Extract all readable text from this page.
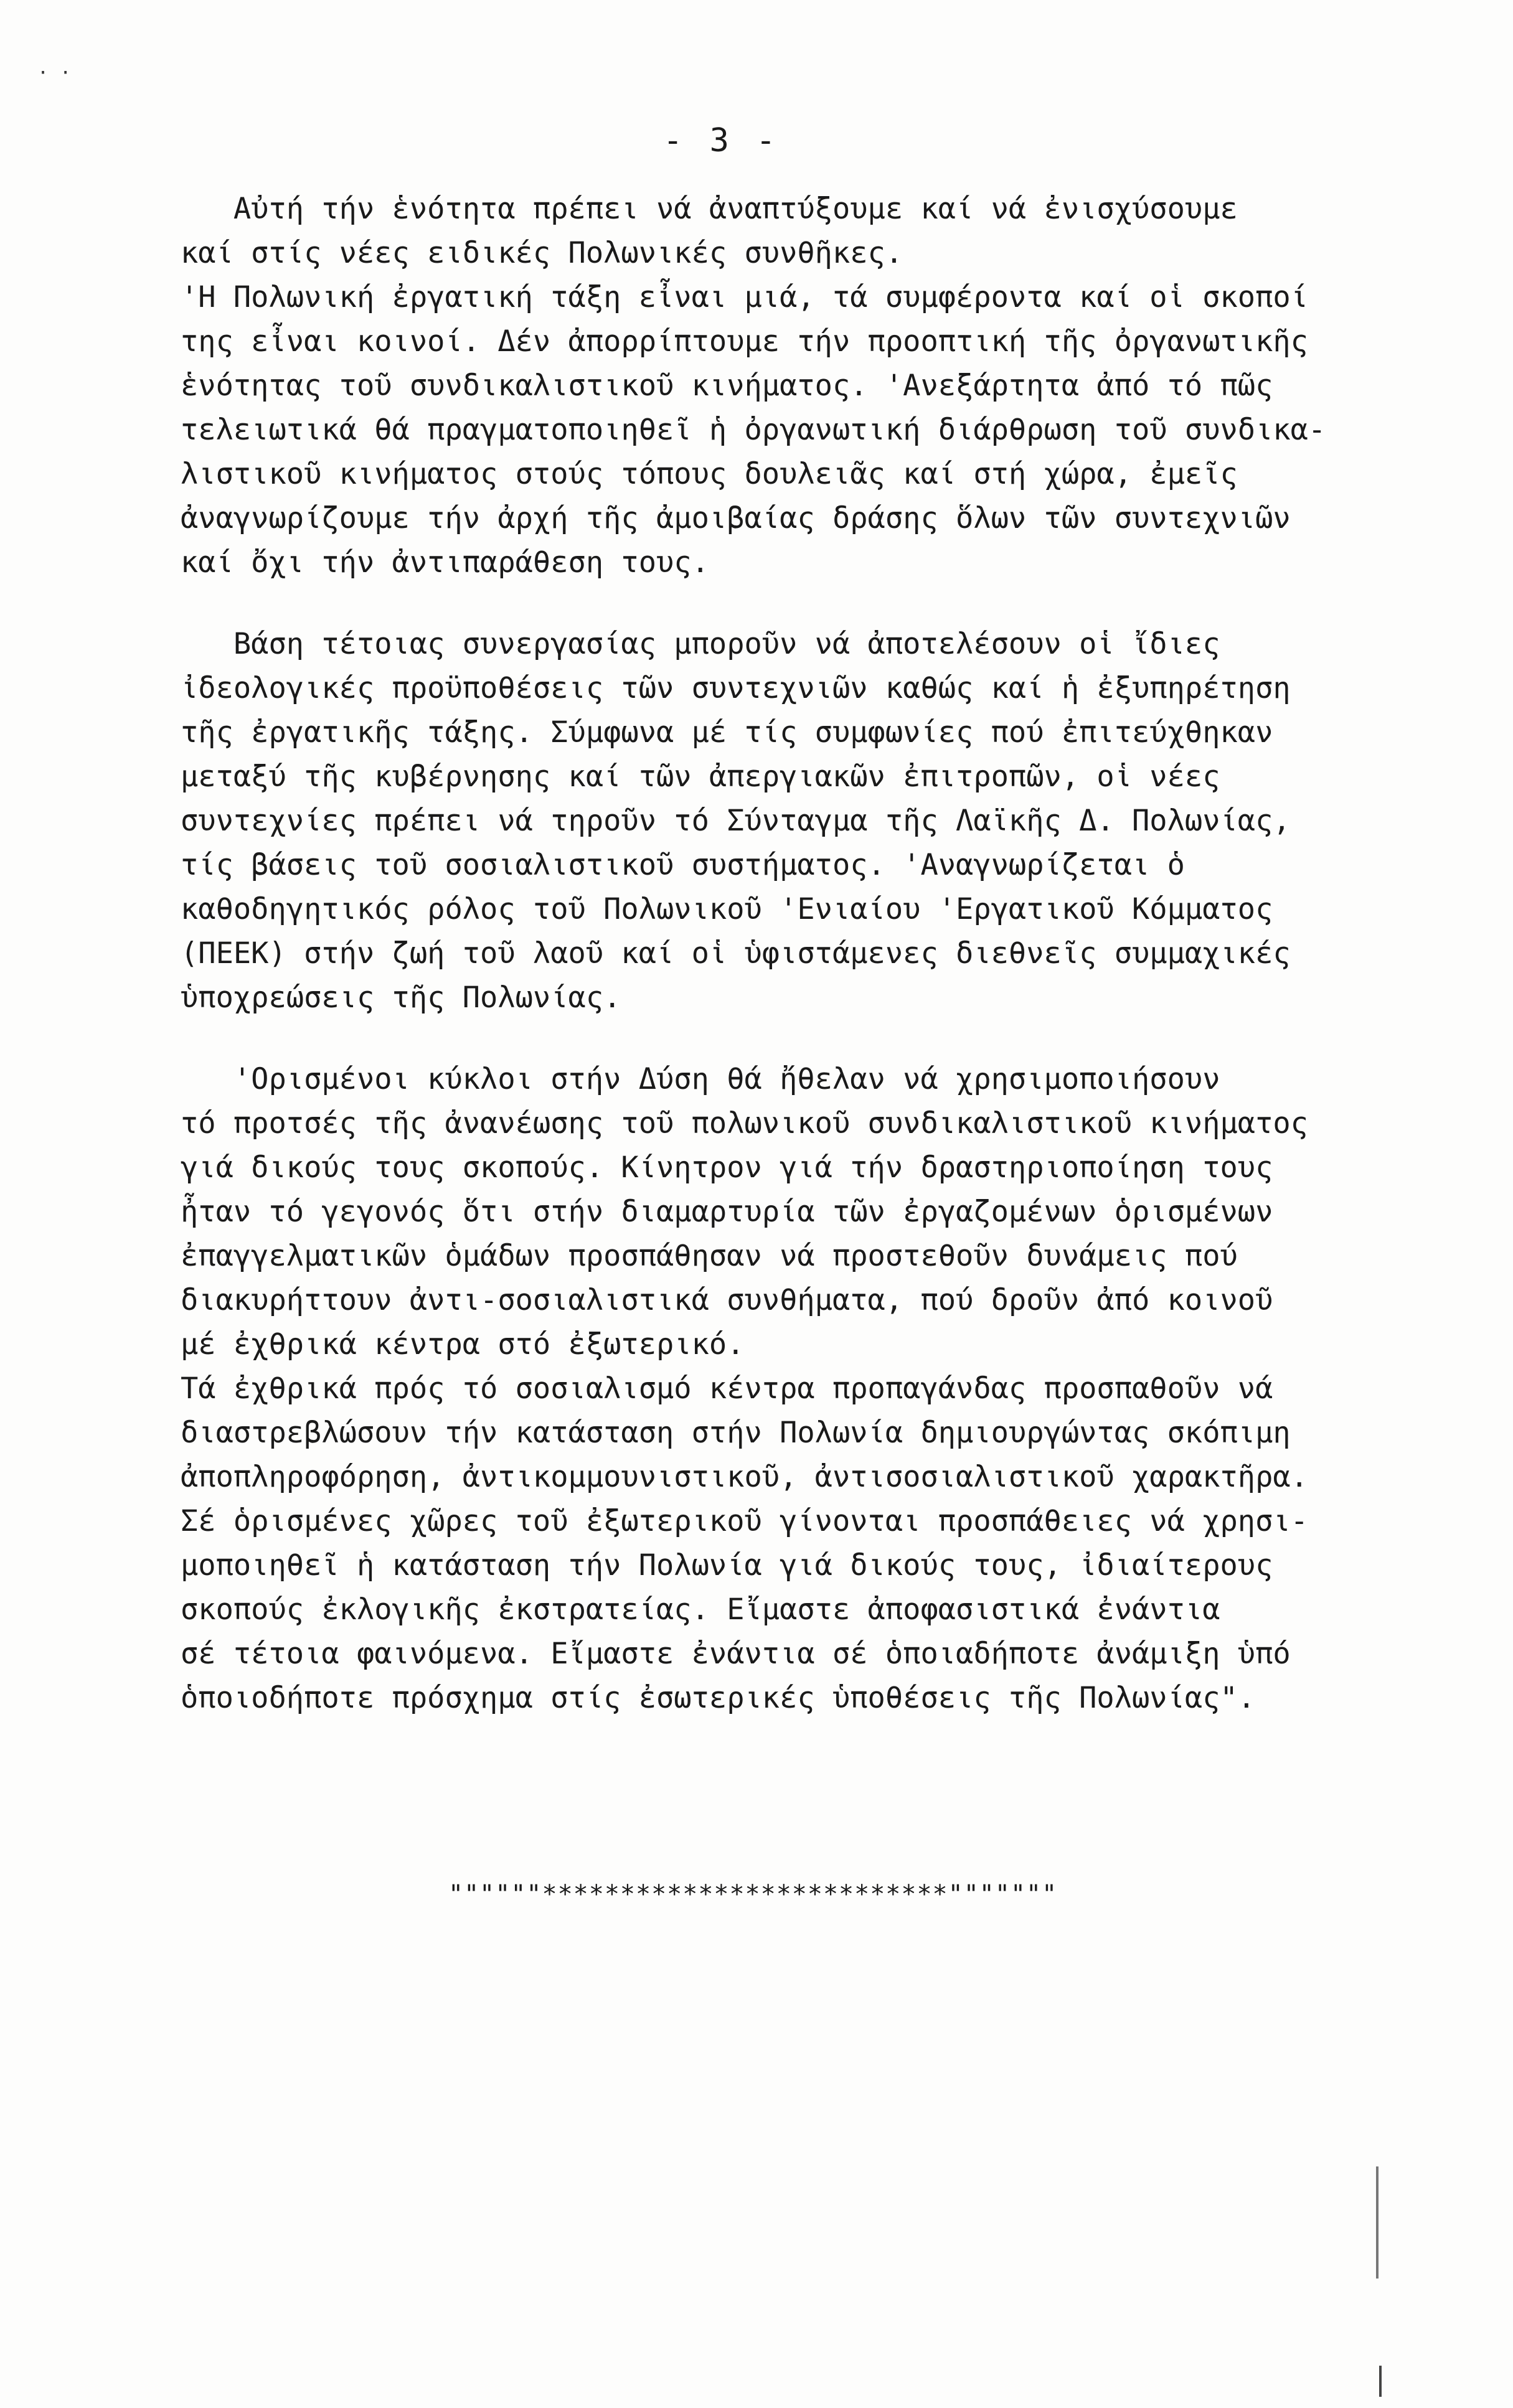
- 3 -
Αὐτή τήν ἑνότητα πρέπει νά ἀναπτύξουμε καί νά ἐνισχύσουμε
καί στίς νέες ειδικές Πολωνικές συνθῆκες.
'Η Πολωνική ἐργατική τάξη εἶναι μιά, τά συμφέροντα καί οἱ σκοποί
της εἶναι κοινοί. Δέν ἀπορρίπτουμε τήν προοπτική τῆς ὀργανωτικῆς
ἑνότητας τοῦ συνδικαλιστικοῦ κινήματος. 'Ανεξάρτητα ἀπό τό πῶς
τελειωτικά θά πραγματοποιηθεῖ ἡ ὀργανωτική διάρθρωση τοῦ συνδικα-
λιστικοῦ κινήματος στούς τόπους δουλειᾶς καί στή χώρα, ἐμεῖς
ἀναγνωρίζουμε τήν ἀρχή τῆς ἀμοιβαίας δράσης ὅλων τῶν συντεχνιῶν
καί ὄχι τήν ἀντιπαράθεση τους.
Βάση τέτοιας συνεργασίας μποροῦν νά ἀποτελέσουν οἱ ἴδιες
ἰδεολογικές προϋποθέσεις τῶν συντεχνιῶν καθώς καί ἡ ἐξυπηρέτηση
τῆς ἐργατικῆς τάξης. Σύμφωνα μέ τίς συμφωνίες πού ἐπιτεύχθηκαν
μεταξύ τῆς κυβέρνησης καί τῶν ἀπεργιακῶν ἐπιτροπῶν, οἱ νέες
συντεχνίες πρέπει νά τηροῦν τό Σύνταγμα τῆς Λαϊκῆς Δ. Πολωνίας,
τίς βάσεις τοῦ σοσιαλιστικοῦ συστήματος. 'Αναγνωρίζεται ὁ
καθοδηγητικός ρόλος τοῦ Πολωνικοῦ 'Ενιαίου 'Εργατικοῦ Κόμματος
(ΠΕΕΚ) στήν ζωή τοῦ λαοῦ καί οἱ ὑφιστάμενες διεθνεῖς συμμαχικές
ὑποχρεώσεις τῆς Πολωνίας.
'Ορισμένοι κύκλοι στήν Δύση θά ἤθελαν νά χρησιμοποιήσουν
τό προτσές τῆς ἀνανέωσης τοῦ πολωνικοῦ συνδικαλιστικοῦ κινήματος
γιά δικούς τους σκοπούς. Κίνητρον γιά τήν δραστηριοποίηση τους
ἦταν τό γεγονός ὅτι στήν διαμαρτυρία τῶν ἐργαζομένων ὁρισμένων
ἐπαγγελματικῶν ὁμάδων προσπάθησαν νά προστεθοῦν δυνάμεις πού
διακυρήττουν ἀντι-σοσιαλιστικά συνθήματα, πού δροῦν ἀπό κοινοῦ
μέ ἐχθρικά κέντρα στό ἐξωτερικό.
Τά ἐχθρικά πρός τό σοσιαλισμό κέντρα προπαγάνδας προσπαθοῦν νά
διαστρεβλώσουν τήν κατάσταση στήν Πολωνία δημιουργώντας σκόπιμη
ἀποπληροφόρηση, ἀντικομμουνιστικοῦ, ἀντισοσιαλιστικοῦ χαρακτῆρα.
Σέ ὁρισμένες χῶρες τοῦ ἐξωτερικοῦ γίνονται προσπάθειες νά χρησι-
μοποιηθεῖ ἡ κατάσταση τήν Πολωνία γιά δικούς τους, ἰδιαίτερους
σκοπούς ἐκλογικῆς ἐκστρατείας. Εἴμαστε ἀποφασιστικά ἐνάντια
σέ τέτοια φαινόμενα. Εἴμαστε ἐνάντια σέ ὁποιαδήποτε ἀνάμιξη ὑπό
ὁποιοδήποτε πρόσχημα στίς ἐσωτερικές ὑποθέσεις τῆς Πολωνίας".
""""""**************************"""""""
· ·
